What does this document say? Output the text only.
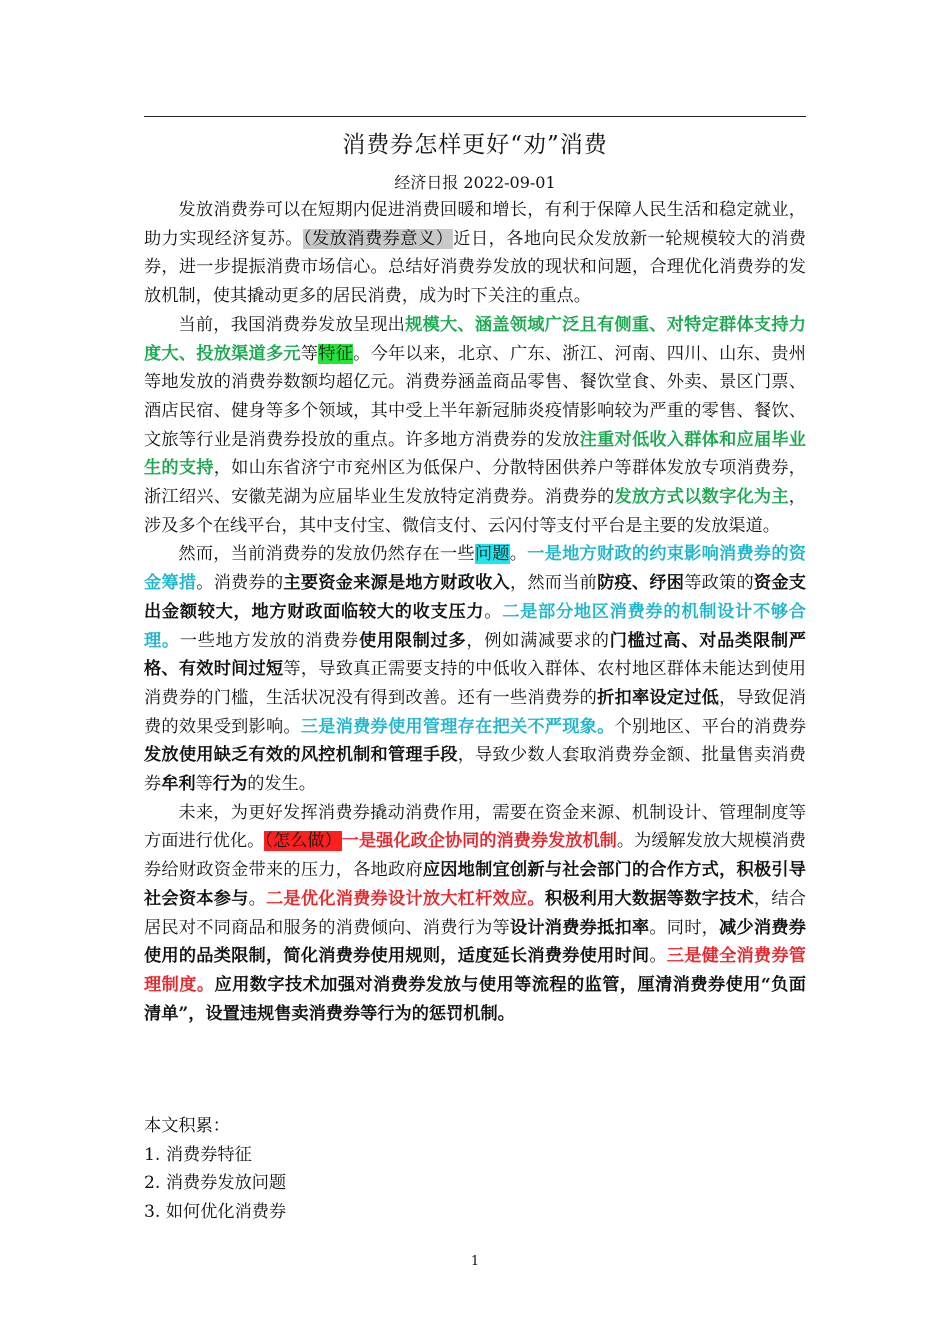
消费券怎样更好“劝”消费
经济日报 2022-09-01

发放消费券可以在短期内促进消费回暖和增长，有利于保障人民生活和稳定就业，助力实现经济复苏。（发放消费券意义）近日，各地向民众发放新一轮规模较大的消费券，进一步提振消费市场信心。总结好消费券发放的现状和问题，合理优化消费券的发放机制，使其撬动更多的居民消费，成为时下关注的重点。

当前，我国消费券发放呈现出规模大、涵盖领域广泛且有侧重、对特定群体支持力度大、投放渠道多元等特征。今年以来，北京、广东、浙江、河南、四川、山东、贵州等地发放的消费券数额均超亿元。消费券涵盖商品零售、餐饮堂食、外卖、景区门票、酒店民宿、健身等多个领域，其中受上半年新冠肺炎疫情影响较为严重的零售、餐饮、文旅等行业是消费券投放的重点。许多地方消费券的发放注重对低收入群体和应届毕业生的支持，如山东省济宁市兖州区为低保户、分散特困供养户等群体发放专项消费券，浙江绍兴、安徽芜湖为应届毕业生发放特定消费券。消费券的发放方式以数字化为主，涉及多个在线平台，其中支付宝、微信支付、云闪付等支付平台是主要的发放渠道。

然而，当前消费券的发放仍然存在一些问题。一是地方财政的约束影响消费券的资金筹措。消费券的主要资金来源是地方财政收入，然而当前防疫、纾困等政策的资金支出金额较大，地方财政面临较大的收支压力。二是部分地区消费券的机制设计不够合理。一些地方发放的消费券使用限制过多，例如满减要求的门槛过高、对品类限制严格、有效时间过短等，导致真正需要支持的中低收入群体、农村地区群体未能达到使用消费券的门槛，生活状况没有得到改善。还有一些消费券的折扣率设定过低，导致促消费的效果受到影响。三是消费券使用管理存在把关不严现象。个别地区、平台的消费券发放使用缺乏有效的风控机制和管理手段，导致少数人套取消费券金额、批量售卖消费券牟利等行为的发生。

未来，为更好发挥消费券撬动消费作用，需要在资金来源、机制设计、管理制度等方面进行优化。（怎么做）一是强化政企协同的消费券发放机制。为缓解发放大规模消费券给财政资金带来的压力，各地政府应因地制宜创新与社会部门的合作方式，积极引导社会资本参与。二是优化消费券设计放大杠杆效应。积极利用大数据等数字技术，结合居民对不同商品和服务的消费倾向、消费行为等设计消费券抵扣率。同时，减少消费券使用的品类限制，简化消费券使用规则，适度延长消费券使用时间。三是健全消费券管理制度。应用数字技术加强对消费券发放与使用等流程的监管，厘清消费券使用“负面清单”，设置违规售卖消费券等行为的惩罚机制。

本文积累：
1. 消费券特征
2. 消费券发放问题
3. 如何优化消费券
1
